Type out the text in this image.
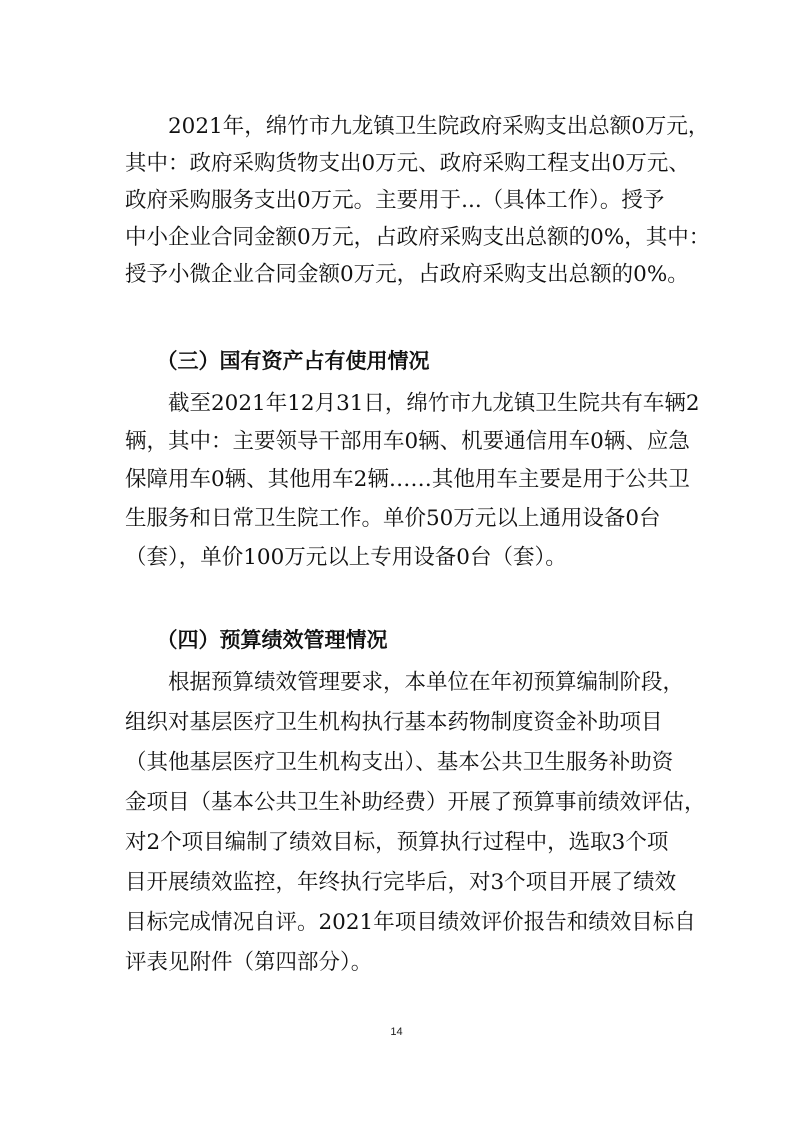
　　2021年，绵竹市九龙镇卫生院政府采购支出总额0万元，
其中：政府采购货物支出0万元、政府采购工程支出0万元、
政府采购服务支出0万元。主要用于...（具体工作）。授予
中小企业合同金额0万元，占政府采购支出总额的0%，其中：
授予小微企业合同金额0万元，占政府采购支出总额的0%。
　　（三）国有资产占有使用情况
　　截至2021年12月31日，绵竹市九龙镇卫生院共有车辆2
辆，其中：主要领导干部用车0辆、机要通信用车0辆、应急
保障用车0辆、其他用车2辆……其他用车主要是用于公共卫
生服务和日常卫生院工作。单价50万元以上通用设备0台
（套），单价100万元以上专用设备0台（套）。
　　（四）预算绩效管理情况
　　根据预算绩效管理要求，本单位在年初预算编制阶段，
组织对基层医疗卫生机构执行基本药物制度资金补助项目
（其他基层医疗卫生机构支出）、基本公共卫生服务补助资
金项目（基本公共卫生补助经费）开展了预算事前绩效评估，
对2个项目编制了绩效目标，预算执行过程中，选取3个项
目开展绩效监控，年终执行完毕后，对3个项目开展了绩效
目标完成情况自评。2021年项目绩效评价报告和绩效目标自
评表见附件（第四部分）。
14
